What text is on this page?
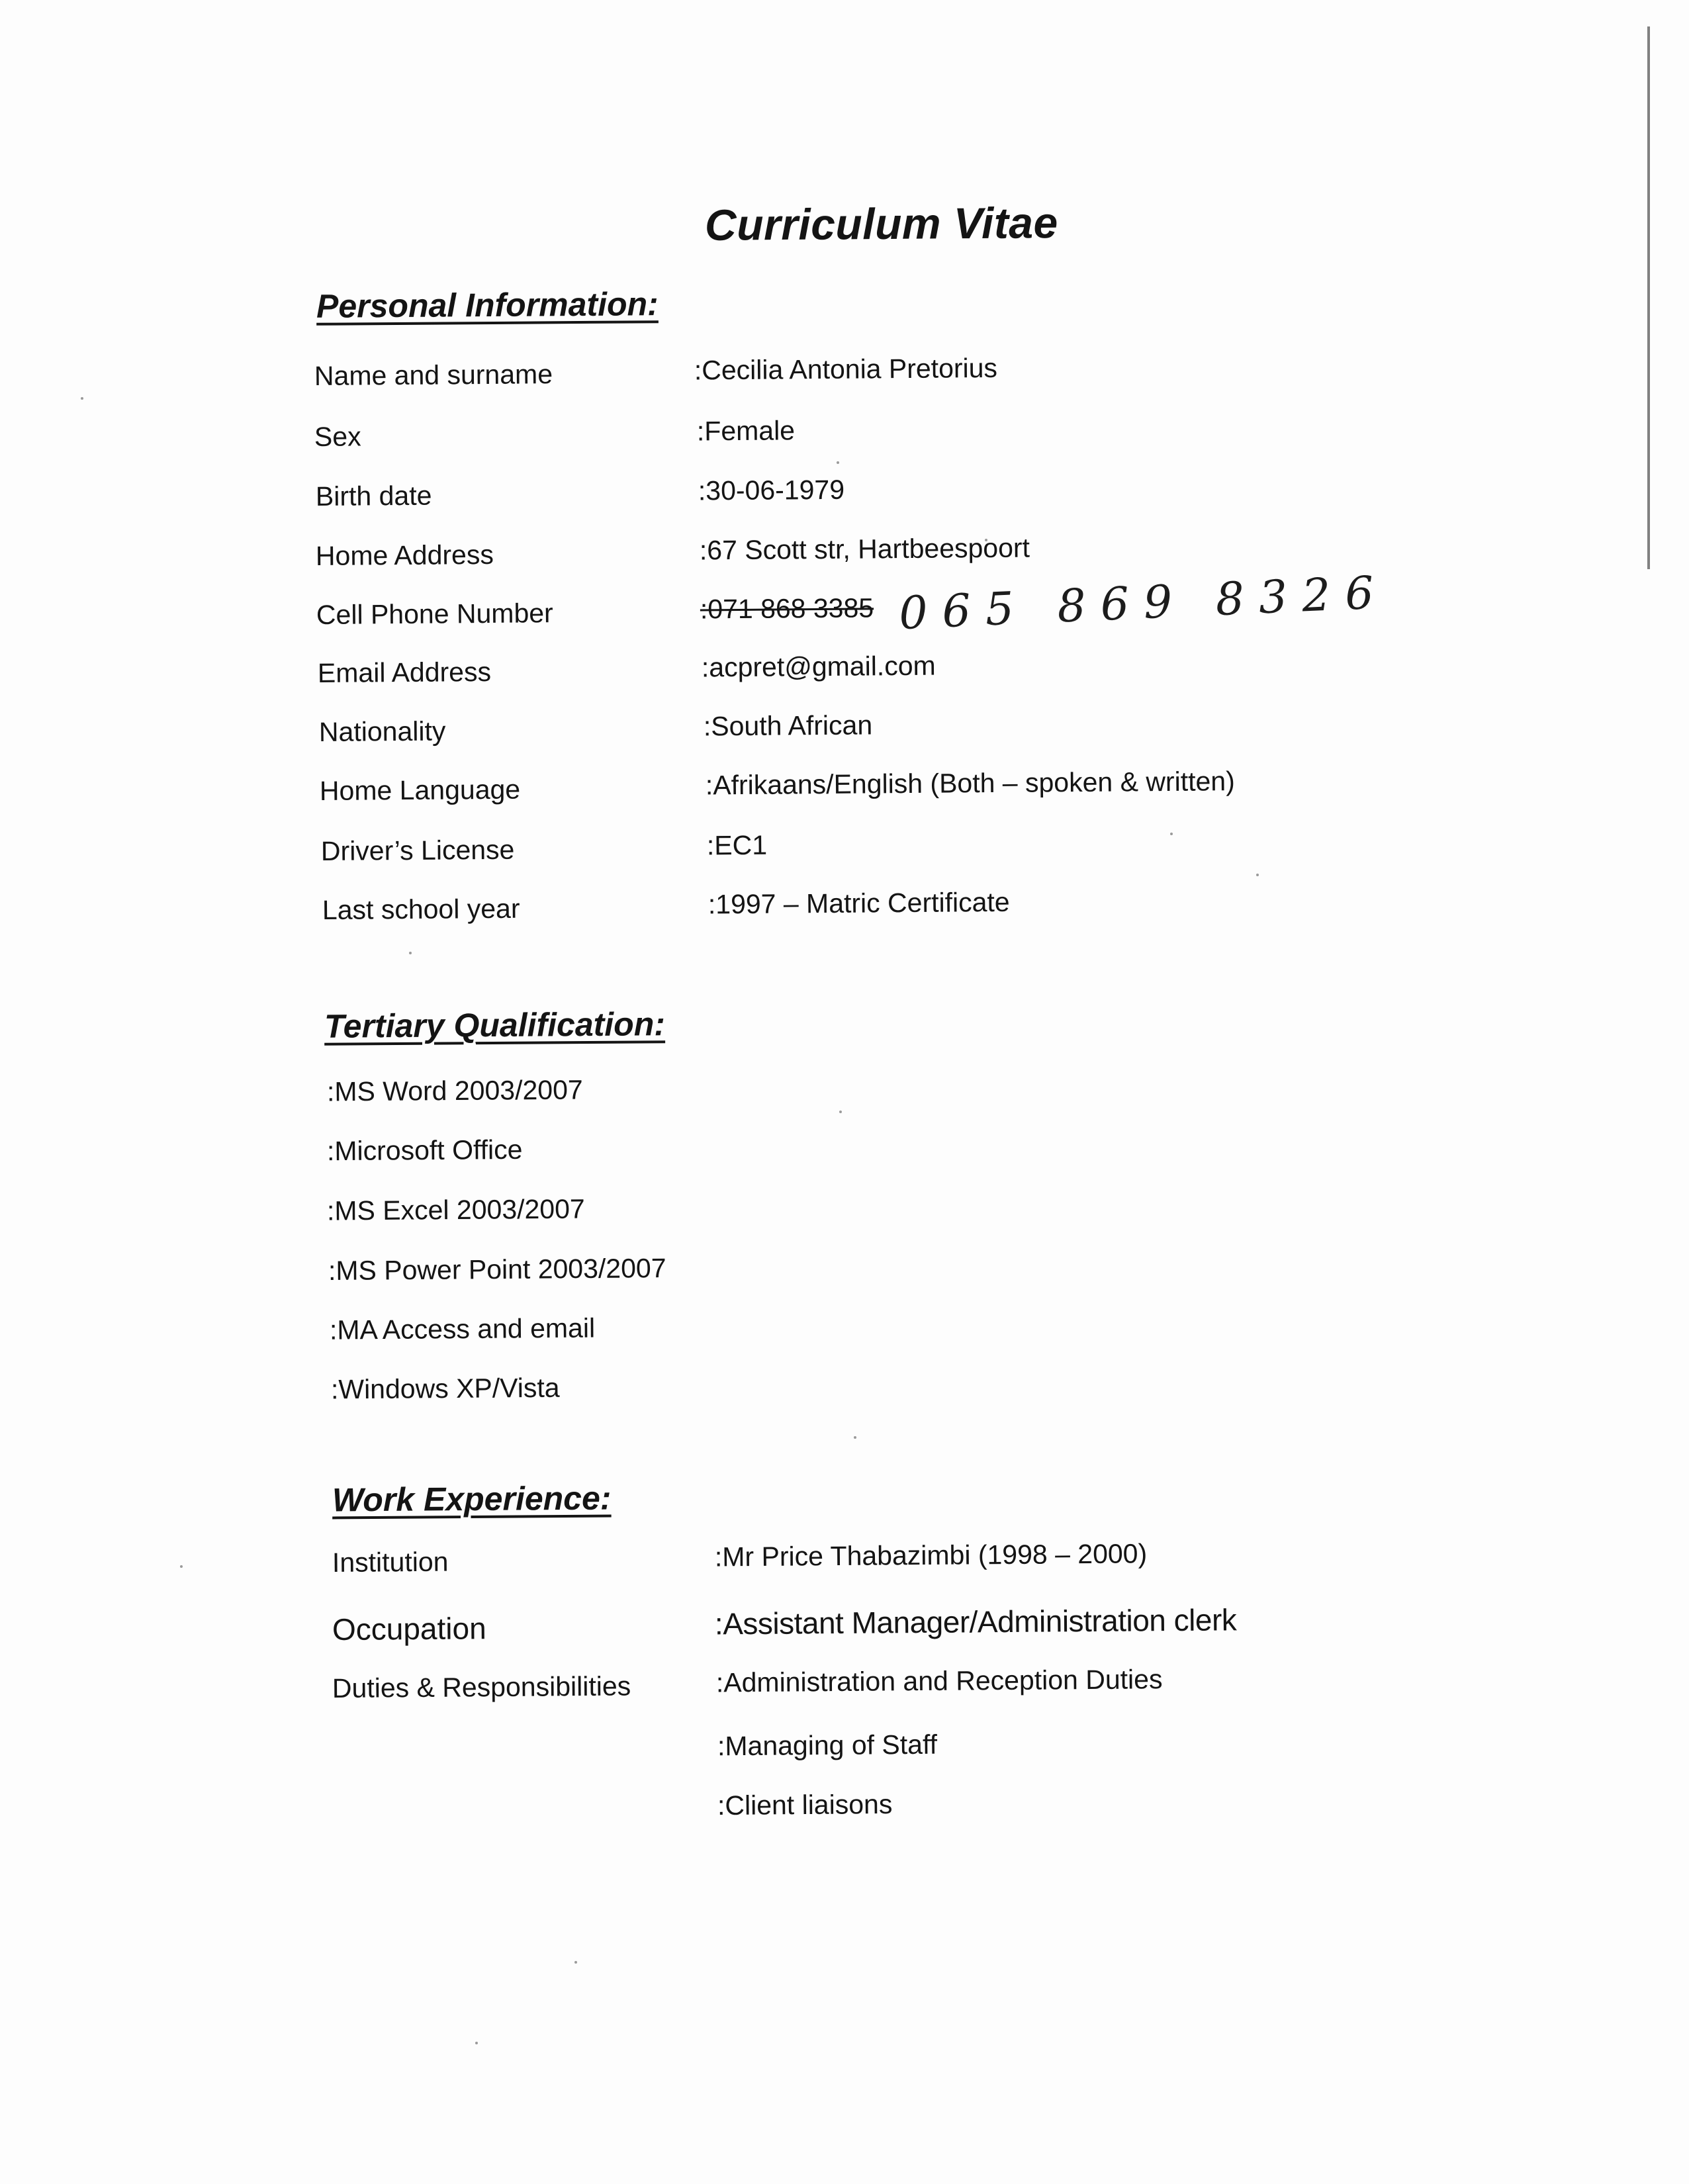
Curriculum Vitae
Personal Information:
Name and surname	:Cecilia Antonia Pretorius
Sex	:Female
Birth date	:30-06-1979
Home Address	:67 Scott str, Hartbeespoort
Cell Phone Number	:071 868 3385 065 869 8326
Email Address	:acpret@gmail.com
Nationality	:South African
Home Language	:Afrikaans/English (Both – spoken & written)
Driver’s License	:EC1
Last school year	:1997 – Matric Certificate
Tertiary Qualification:
:MS Word 2003/2007
:Microsoft Office
:MS Excel 2003/2007
:MS Power Point 2003/2007
:MA Access and email
:Windows XP/Vista
Work Experience:
Institution	:Mr Price Thabazimbi (1998 – 2000)
Occupation	:Assistant Manager/Administration clerk
Duties & Responsibilities	:Administration and Reception Duties
:Managing of Staff
:Client liaisons
